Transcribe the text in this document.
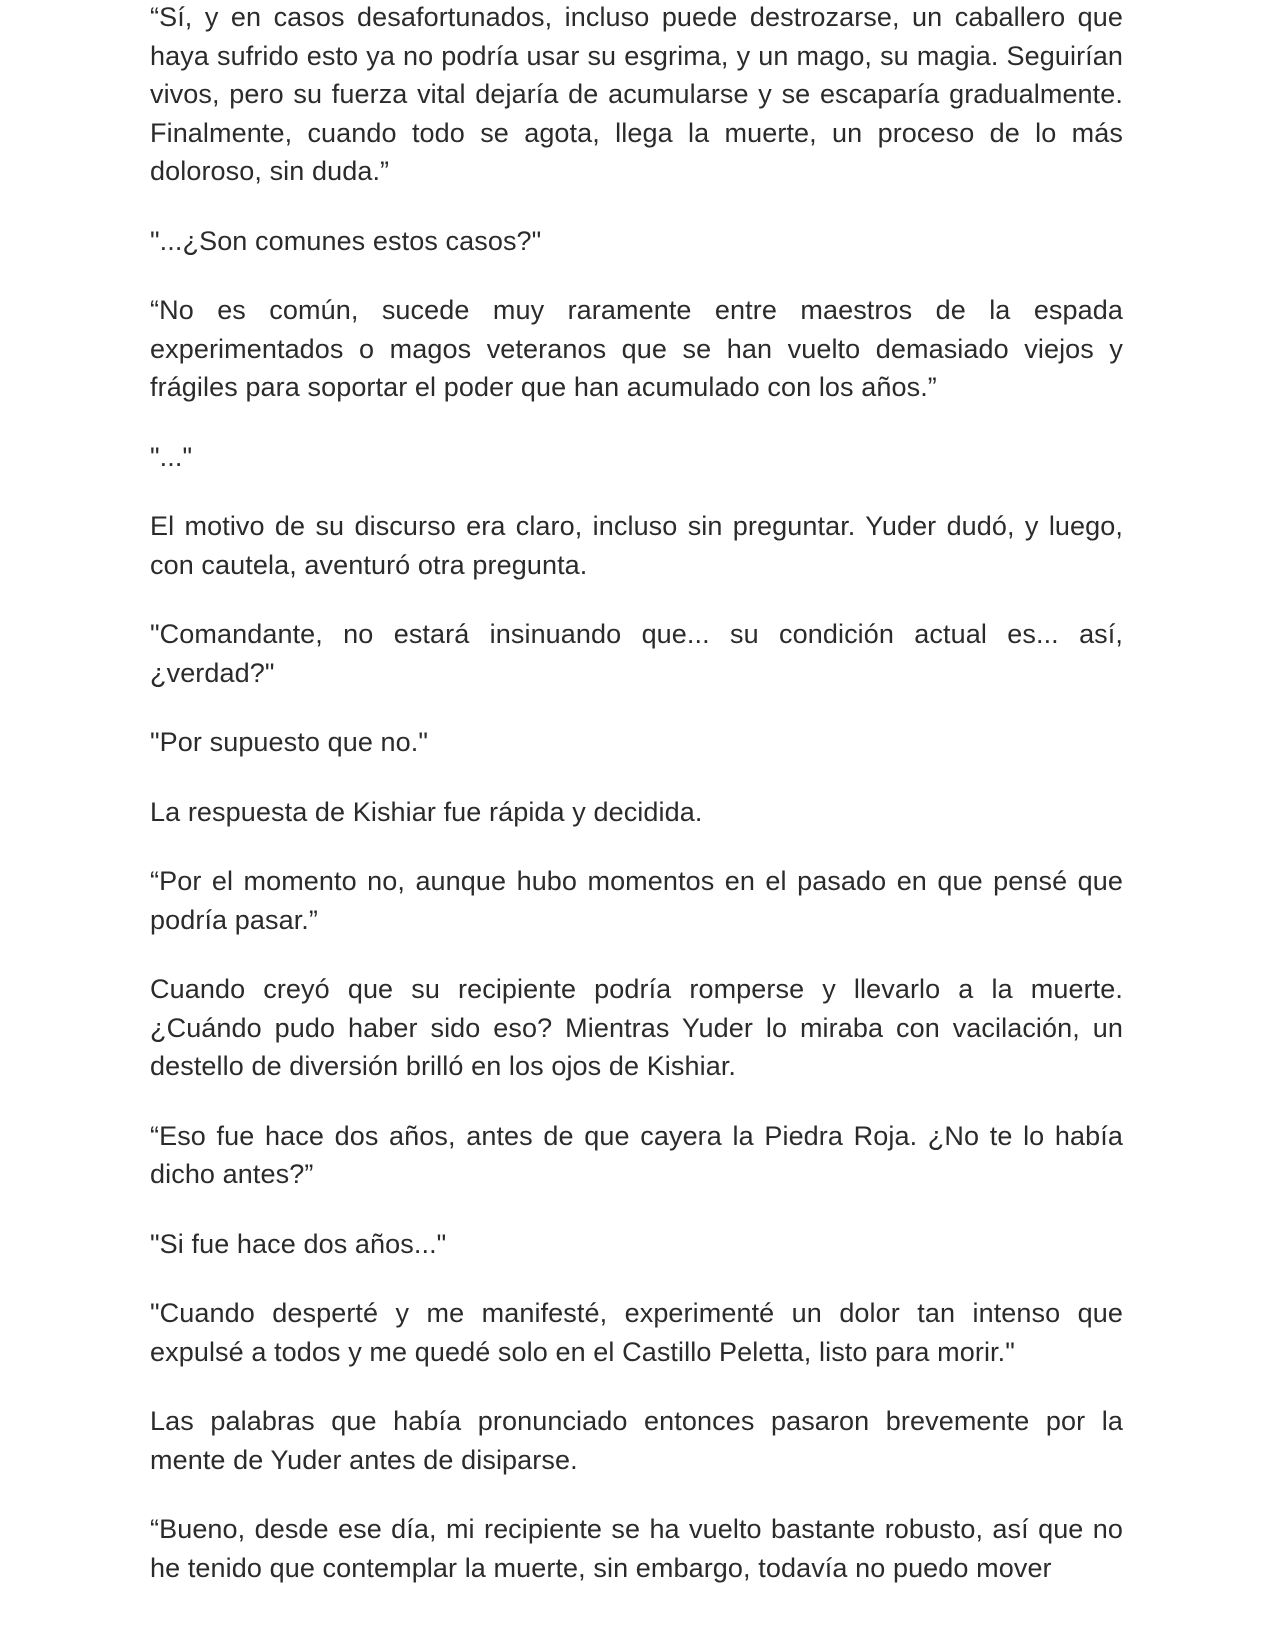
“Sí, y en casos desafortunados, incluso puede destrozarse, un caballero que haya sufrido esto ya no podría usar su esgrima, y un mago, su magia. Seguirían vivos, pero su fuerza vital dejaría de acumularse y se escaparía gradualmente. Finalmente, cuando todo se agota, llega la muerte, un proceso de lo más doloroso, sin duda.”

"...¿Son comunes estos casos?"

“No es común, sucede muy raramente entre maestros de la espada experimentados o magos veteranos que se han vuelto demasiado viejos y frágiles para soportar el poder que han acumulado con los años.”

"..."

El motivo de su discurso era claro, incluso sin preguntar. Yuder dudó, y luego, con cautela, aventuró otra pregunta.

"Comandante, no estará insinuando que... su condición actual es... así, ¿verdad?"

"Por supuesto que no."

La respuesta de Kishiar fue rápida y decidida.

“Por el momento no, aunque hubo momentos en el pasado en que pensé que podría pasar.”

Cuando creyó que su recipiente podría romperse y llevarlo a la muerte. ¿Cuándo pudo haber sido eso? Mientras Yuder lo miraba con vacilación, un destello de diversión brilló en los ojos de Kishiar.

“Eso fue hace dos años, antes de que cayera la Piedra Roja. ¿No te lo había dicho antes?”

"Si fue hace dos años..."

"Cuando desperté y me manifesté, experimenté un dolor tan intenso que expulsé a todos y me quedé solo en el Castillo Peletta, listo para morir."

Las palabras que había pronunciado entonces pasaron brevemente por la mente de Yuder antes de disiparse.

“Bueno, desde ese día, mi recipiente se ha vuelto bastante robusto, así que no he tenido que contemplar la muerte, sin embargo, todavía no puedo mover
